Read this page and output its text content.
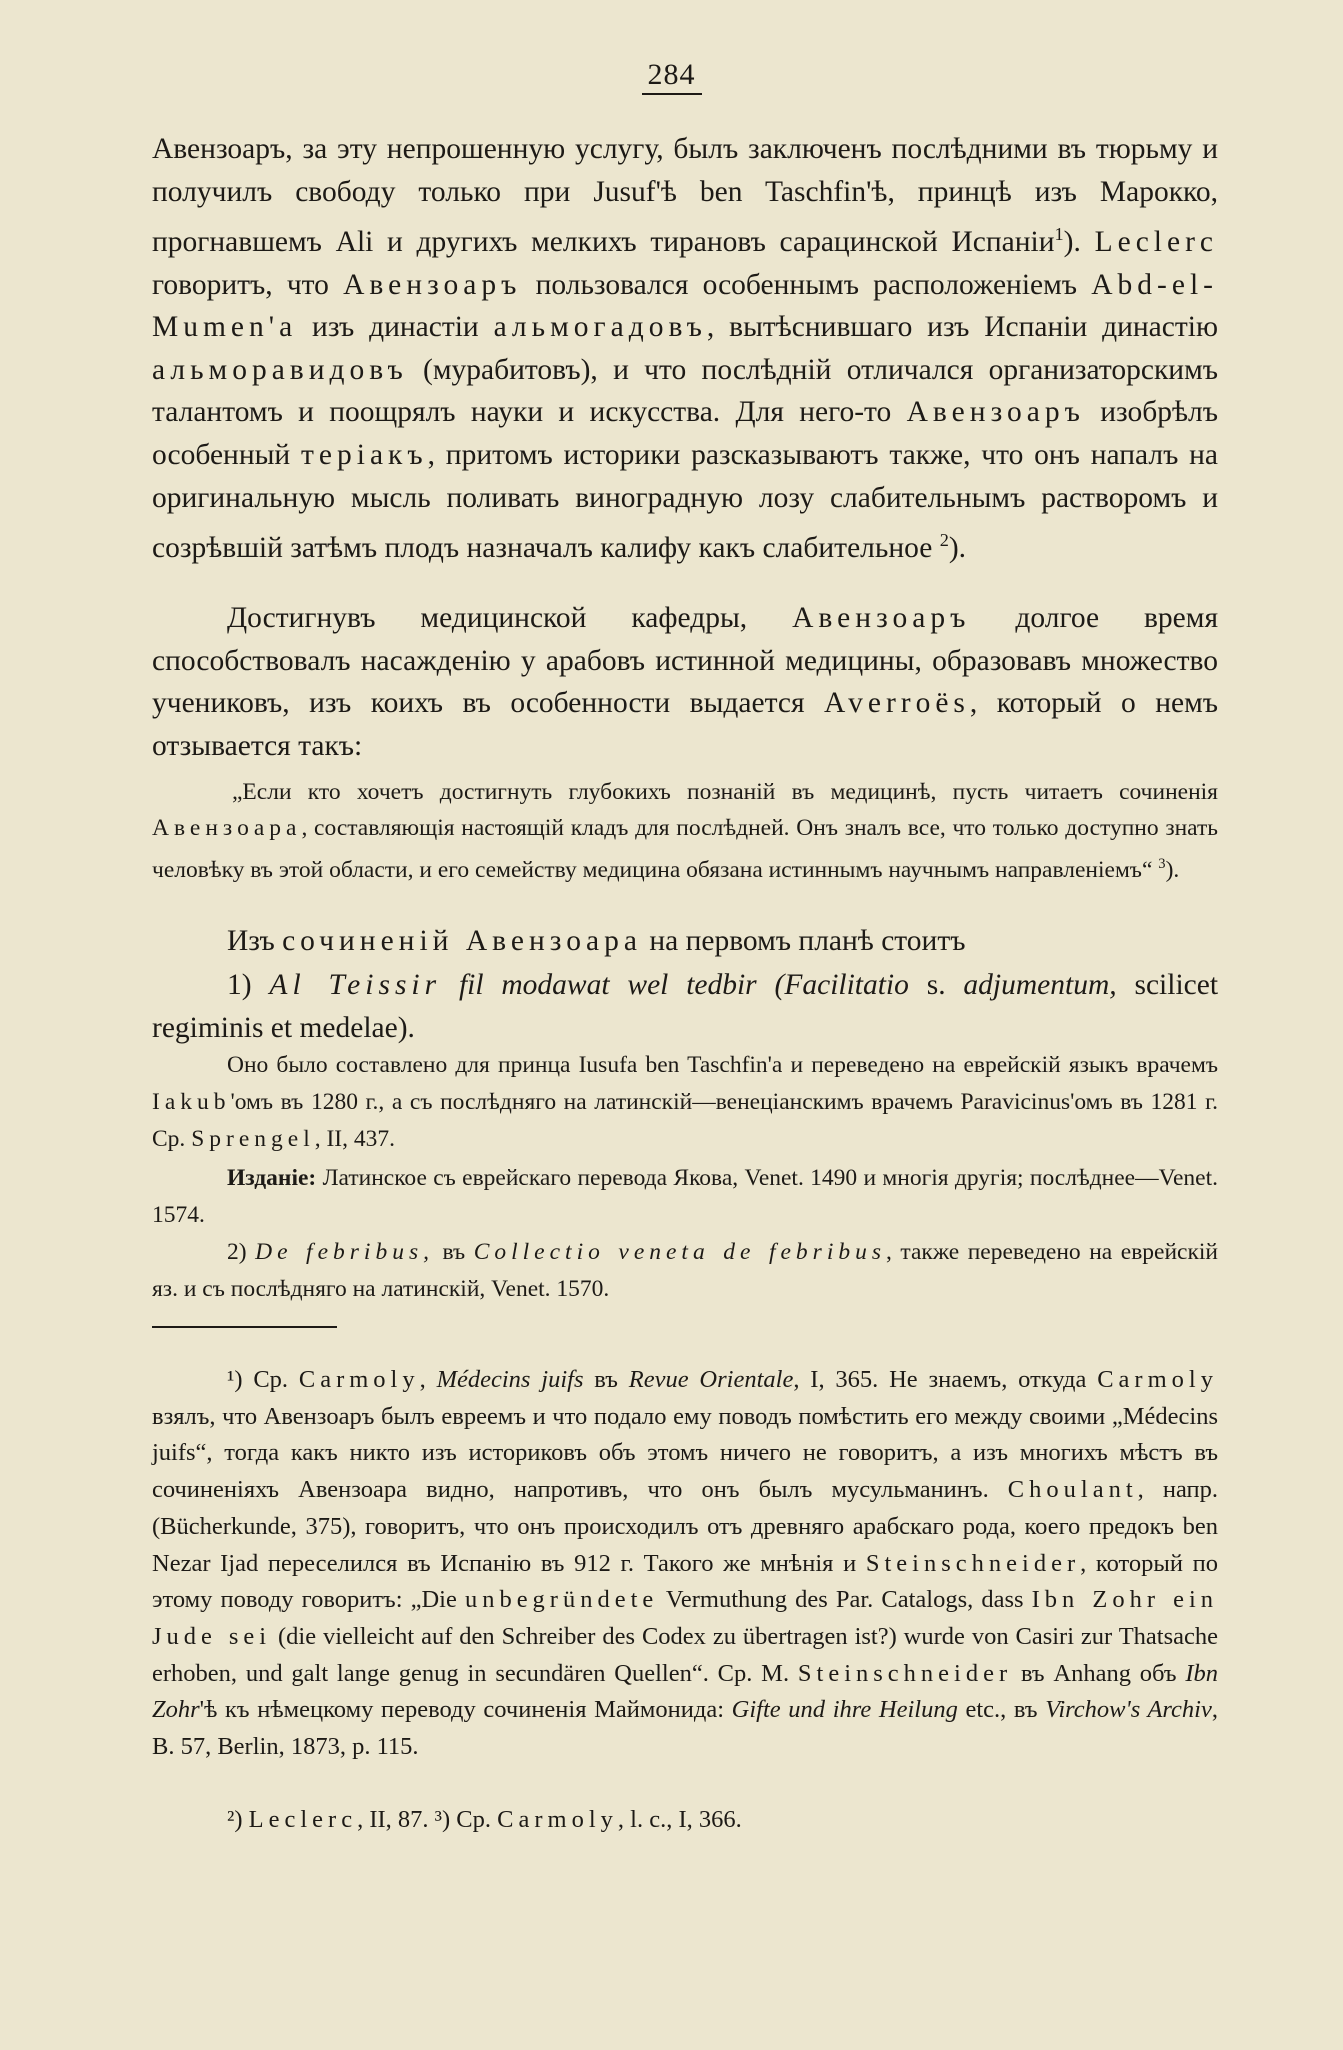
284

Авензоаръ, за эту непрошенную услугу, былъ заключенъ послѣдними въ тюрьму и получилъ свободу только при Jusuf'ѣ ben Taschfin'ѣ, принцѣ изъ Марокко, прогнавшемъ Ali и другихъ мелкихъ тирановъ сарацинской Испаніи$^1$). Leclerc говоритъ, что Авензоаръ пользовался особеннымъ расположеніемъ Abd-el-Mumen'a изъ династіи альмогадовъ, вытѣснившаго изъ Испаніи династію альморавидовъ (мурабитовъ), и что послѣдній отличался организаторскимъ талантомъ и поощрялъ науки и искусства. Для него-то Авензоаръ изобрѣлъ особенный теріакъ, притомъ историки разсказываютъ также, что онъ напалъ на оригинальную мысль поливать виноградную лозу слабительнымъ растворомъ и созрѣвшій затѣмъ плодъ назначалъ калифу какъ слабительное $^2$).

Достигнувъ медицинской кафедры, Авензоаръ долгое время способствовалъ насажденію у арабовъ истинной медицины, образовавъ множество учениковъ, изъ коихъ въ особенности выдается Averroës, который о немъ отзывается такъ:

„Если кто хочетъ достигнуть глубокихъ познаній въ медицинѣ, пусть читаетъ сочиненія Авензоара, составляющія настоящій кладъ для послѣдней. Онъ зналъ все, что только доступно знать человѣку въ этой области, и его семейству медицина обязана истиннымъ научнымъ направленіемъ“ $^3$).

Изъ сочиненій Авензоара на первомъ планѣ стоитъ

1) Al Teissir fil modawat wel tedbir (Facilitatio s. adjumentum, scilicet regiminis et medelae).

Оно было составлено для принца Iusufa ben Taschfin'a и переведено на еврейскій языкъ врачемъ Iakub'омъ въ 1280 г., а съ послѣдняго на латинскій—венеціанскимъ врачемъ Paravicinus'омъ въ 1281 г. Ср. Sprengel, II, 437.

Изданіе: Латинское съ еврейскаго перевода Якова, Venet. 1490 и многія другія; послѣднее—Venet. 1574.

2) De febribus, въ Collectio veneta de febribus, также переведено на еврейскій яз. и съ послѣдняго на латинскій, Venet. 1570.

¹) Ср. Carmoly, Médecins juifs въ Revue Orientale, I, 365. Не знаемъ, откуда Carmoly взялъ, что Авензоаръ былъ евреемъ и что подало ему поводъ помѣстить его между своими „Médecins juifs“, тогда какъ никто изъ историковъ объ этомъ ничего не говоритъ, а изъ многихъ мѣстъ въ сочиненіяхъ Авензоара видно, напротивъ, что онъ былъ мусульманинъ. Choulant, напр. (Bücherkunde, 375), говоритъ, что онъ происходилъ отъ древняго арабскаго рода, коего предокъ ben Nezar Ijad переселился въ Испанію въ 912 г. Такого же мнѣнія и Steinschneider, который по этому поводу говоритъ: „Die unbegründete Vermuthung des Par. Catalogs, dass Ibn Zohr ein Jude sei (die vielleicht auf den Schreiber des Codex zu übertragen ist?) wurde von Casiri zur Thatsache erhoben, und galt lange genug in secundären Quellen“. Ср. M. Steinschneider въ Anhang объ Ibn Zohr'ѣ къ нѣмецкому переводу сочиненія Маймонида: Gifte und ihre Heilung etc., въ Virchow's Archiv, B. 57, Berlin, 1873, p. 115.

²) Leclerc, II, 87. ³) Ср. Carmoly, l. c., I, 366.
